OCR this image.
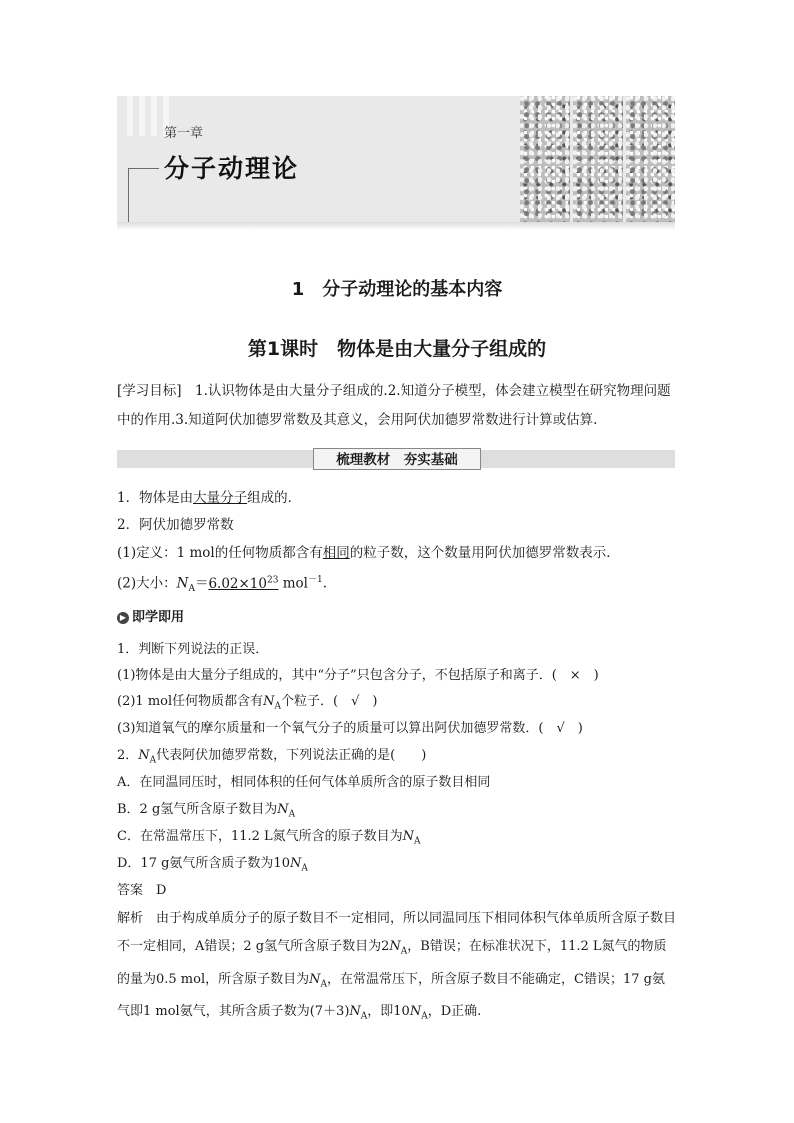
第一章
分子动理论
1　分子动理论的基本内容
第1课时　物体是由大量分子组成的
[学习目标]　1.认识物体是由大量分子组成的.2.知道分子模型，体会建立模型在研究物理问题
中的作用.3.知道阿伏加德罗常数及其意义，会用阿伏加德罗常数进行计算或估算.
梳理教材　夯实基础
1．物体是由大量分子组成的．
2．阿伏加德罗常数
(1)定义：1 mol的任何物质都含有相同的粒子数，这个数量用阿伏加德罗常数表示．
(2)大小：$N_A=6.02\times 10^{23}$ mol$^{-1}$.
▶ 即学即用
1．判断下列说法的正误．
(1)物体是由大量分子组成的，其中“分子”只包含分子，不包括原子和离子．(　×　)
(2)1 mol任何物质都含有$N_A$个粒子．(　√　)
(3)知道氧气的摩尔质量和一个氧气分子的质量可以算出阿伏加德罗常数．(　√　)
2．$N_A$代表阿伏加德罗常数，下列说法正确的是(　　)
A．在同温同压时，相同体积的任何气体单质所含的原子数目相同
B．2 g氢气所含原子数目为$N_A$
C．在常温常压下，11.2 L氮气所含的原子数目为$N_A$
D．17 g氨气所含质子数为$10N_A$
答案　D
解析　由于构成单质分子的原子数目不一定相同，所以同温同压下相同体积气体单质所含原子数目不一定相同，A错误；2 g氢气所含原子数目为$2N_A$，B错误；在标准状况下，11.2 L氮气的物质的量为0.5 mol，所含原子数目为$N_A$，在常温常压下，所含原子数目不能确定，C错误；17 g氨气即1 mol氨气，其所含质子数为$(7+3)N_A$，即$10N_A$，D正确.
